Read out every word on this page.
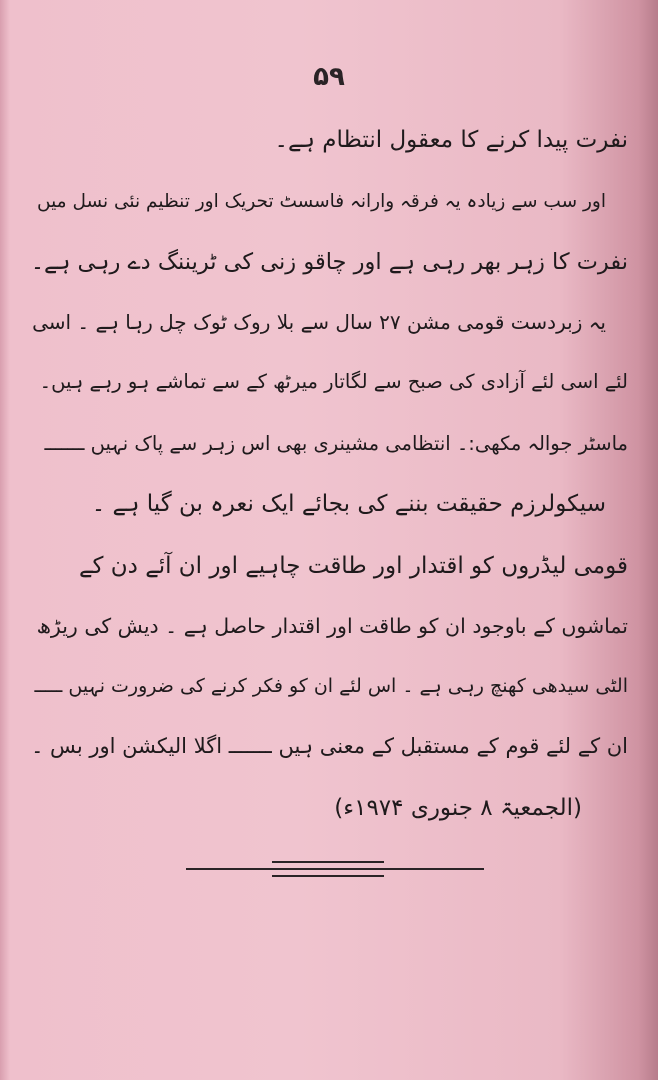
۵۹
نفرت پیدا کرنے کا معقول انتظام ہے۔
اور سب سے زیادہ یہ فرقہ وارانہ فاسسٹ تحریک اور تنظیم نئی نسل میں
نفرت کا زہر بھر رہی ہے اور چاقو زنی کی ٹریننگ دے رہی ہے۔
یہ زبردست قومی مشن ۲۷ سال سے بلا روک ٹوک چل رہا ہے ۔ اسی
لئے اسی لئے آزادی کی صبح سے لگاتار میرٹھ کے سے تماشے ہو رہے ہیں۔
ماسٹر جوالہ مکھی:۔ انتظامی مشینری بھی اس زہر سے پاک نہیں ـــــــ
سیکولرزم حقیقت بننے کی بجائے ایک نعرہ بن گیا ہے ۔
قومی لیڈروں کو اقتدار اور طاقت چاہیے اور ان آئے دن کے
تماشوں کے باوجود ان کو طاقت اور اقتدار حاصل ہے ۔ دیش کی ریڑھ
الٹی سیدھی کھنچ رہی ہے ۔ اس لئے ان کو فکر کرنے کی ضرورت نہیں ـــــ
ان کے لئے قوم کے مستقبل کے معنی ہیں ـــــــ اگلا الیکشن اور بس ۔
(الجمعیۃ ۸ جنوری ۱۹۷۴ء)
